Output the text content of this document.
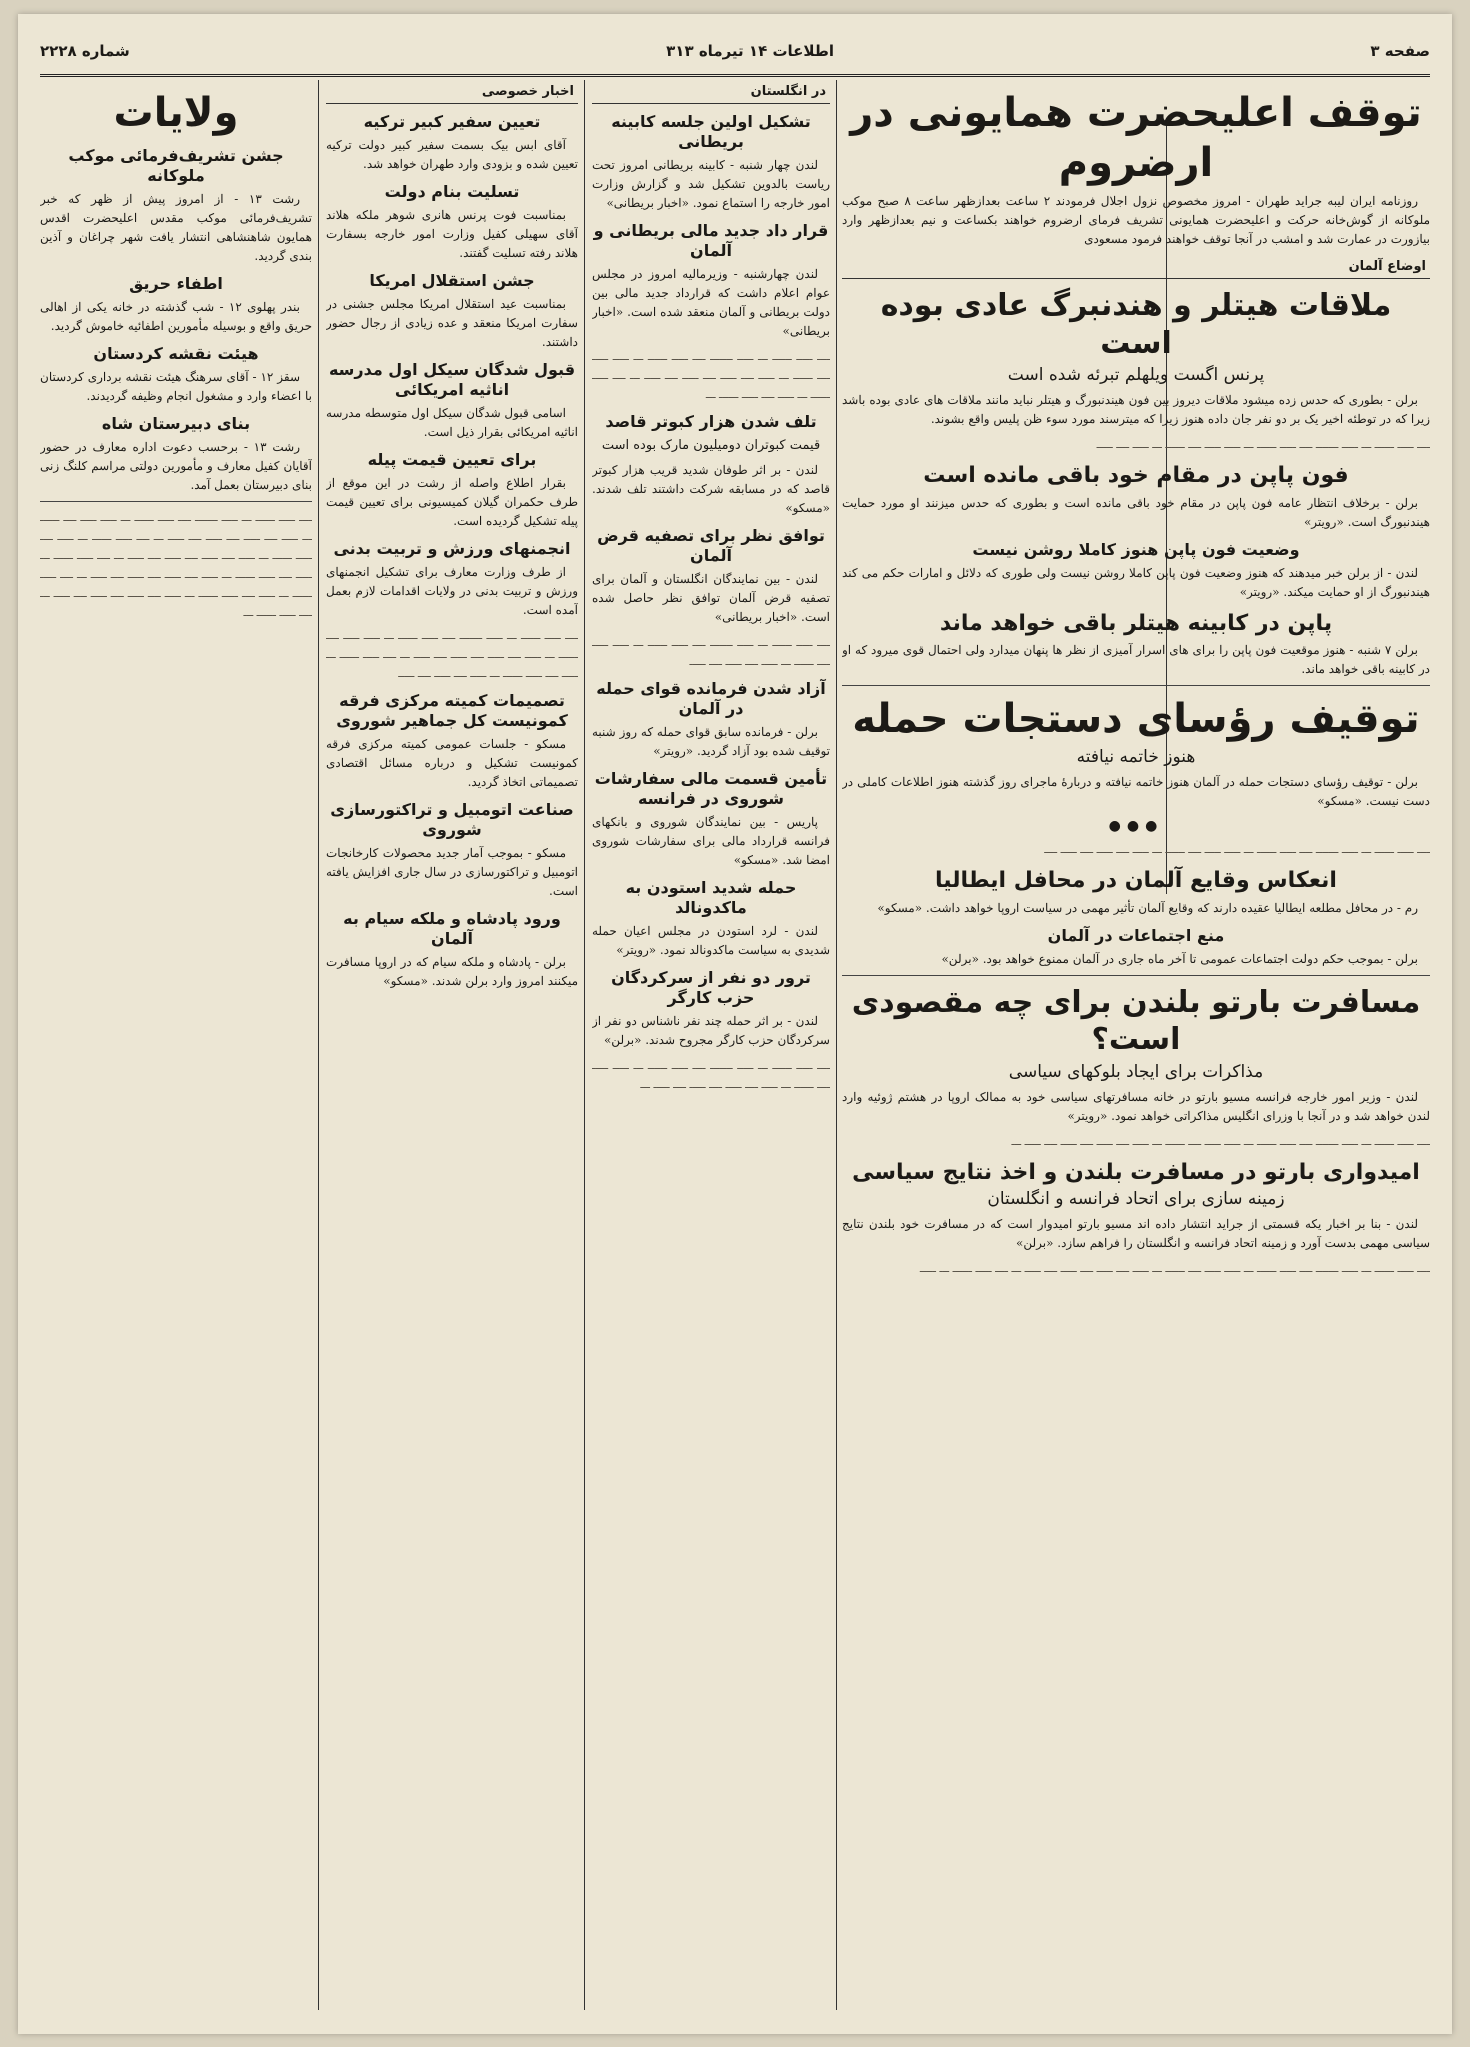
صفحه ۳
اطلاعات ۱۴ تیرماه ۳۱۳
شماره ۲۲۲۸
توقف اعلیحضرت همایونی در ارضروم

روزنامه ایران لیبه جراید طهران - امروز مخصوص نزول اجلال فرمودند ۲ ساعت بعدازظهر ساعت ۸ صبح موکب ملوکانه از گوش‌خانه حرکت و اعلیحضرت همایونی تشریف فرمای ارضروم خواهند بکساعت و نیم بعدازظهر وارد بیازورت در عمارت شد و امشب در آنجا توقف خواهند فرمود مسعودی

اوضاع آلمان
ملاقات هیتلر و هندنبرگ عادی بوده است
پرنس اگست ویلهلم تبرئه شده است

برلن - بطوری که حدس زده میشود ملاقات دیروز بین فون هیندنبورگ و هیتلر نباید مانند ملاقات های عادی بوده باشد زیرا که در توطئه اخیر یک بر دو نفر جان داده هنوز زیرا که میترسند مورد سوء ظن پلیس واقع بشوند.

ــــ ـــــ ــــــ ـــ ـــــ ـــــــ ــــ ـــــ ــــــ ـــ ـــــ ـــــ ــــ ــــــ ـــ ـــــ ــــ ـــــ
فون پاپن در مقام خود باقی مانده است

برلن - برخلاف انتظار عامه فون پاپن در مقام خود باقی مانده است و بطوری که حدس میزنند او مورد حمایت هیندنبورگ است. «رویتر»

وضعیت فون پاپن هنوز کاملا روشن نیست

لندن - از برلن خبر میدهند که هنوز وضعیت فون پاپن کاملا روشن نیست ولی طوری که دلائل و امارات حکم می کند هیندنبورگ از او حمایت میکند. «رویتر»

پاپن در کابینه هیتلر باقی خواهد ماند

برلن ۷ شنبه - هنوز موقعیت فون پاپن را برای های اسرار آمیزی از نظر ها پنهان میدارد ولی احتمال قوی میرود که او در کابینه باقی خواهد ماند.

توقیف رؤسای دستجات حمله
هنوز خاتمه نیافته

برلن - توقیف رؤسای دستجات حمله در آلمان هنوز خاتمه نیافته و دربارهٔ ماجرای روز گذشته هنوز اطلاعات کاملی در دست نیست. «مسکو»

●●●
ــــ ـــــ ــــــ ـــ ـــــ ـــــــ ــــ ـــــ ــــــ ـــ ـــــ ـــــ ــــ ــــــ ـــ ـــــ ــــ ـــــ ــــ ـــــ ــــ
انعکاس وقایع آلمان در محافل ایطالیا

رم - در محافل مطلعه ایطالیا عقیده دارند که وقایع آلمان تأثیر مهمی در سیاست اروپا خواهد داشت. «مسکو»

منع اجتماعات در آلمان

برلن - بموجب حکم دولت اجتماعات عمومی تا آخر ماه جاری در آلمان ممنوع خواهد بود. «برلن»

مسافرت بارتو بلندن برای چه مقصودی است؟
مذاکرات برای ایجاد بلوکهای سیاسی

لندن - وزیر امور خارجه فرانسه مسیو بارتو در خانه مسافرتهای سیاسی خود به ممالک اروپا در هشتم ژوئیه وارد لندن خواهد شد و در آنجا با وزرای انگلیس مذاکراتی خواهد نمود. «رویتر»

ــــ ـــــ ــــــ ـــ ـــــ ـــــــ ــــ ـــــ ــــــ ـــ ـــــ ـــــ ــــ ــــــ ـــ ـــــ ــــ ـــــ ــــ ـــــ ــــ ـــــ ـــ
امیدواری بارتو در مسافرت بلندن و اخذ نتایج سیاسی
زمینه سازی برای اتحاد فرانسه و انگلستان

لندن - بنا بر اخبار یکه قسمتی از جراید انتشار داده اند مسیو بارتو امیدوار است که در مسافرت خود بلندن نتایج سیاسی مهمی بدست آورد و زمینه اتحاد فرانسه و انگلستان را فراهم سازد. «برلن»

ــــ ـــــ ــــــ ـــ ـــــ ـــــــ ــــ ـــــ ــــــ ـــ ـــــ ـــــ ــــ ــــــ ـــ ـــــ ــــ ـــــ ــــ ـــــ ــــ ـــــ ـــ ــــ ـــــ ــــــ ـــ ـــــ
در انگلستان
تشکیل اولین جلسه کابینه بریطانی

لندن چهار شنبه - کابینه بریطانی امروز تحت ریاست بالدوین تشکیل شد و گزارش وزارت امور خارجه را استماع نمود. «اخبار بریطانی»

قرار داد جدید مالی بریطانی و آلمان

لندن چهارشنبه - وزیرمالیه امروز در مجلس عوام اعلام داشت که قرارداد جدید مالی بین دولت بریطانی و آلمان منعقد شده است. «اخبار بریطانی»

ــــ ـــــ ــــــ ـــ ـــــ ـــــــ ــــ ـــــ ــــــ ـــ ـــــ ـــــ ــــ ــــــ ـــ ـــــ ــــ ـــــ ــــ ـــــ ــــ ـــــ ـــ ــــ ـــــ ــــــ ـــ ـــــ ــــ ـــــ ــــــ ـــ
تلف شدن هزار کبوتر قاصد
قیمت کبوتران دومیلیون مارک بوده است

لندن - بر اثر طوفان شدید قریب هزار کبوتر قاصد که در مسابقه شرکت داشتند تلف شدند. «مسکو»

توافق نظر برای تصفیه قرض آلمان

لندن - بین نمایندگان انگلستان و آلمان برای تصفیه قرض آلمان توافق نظر حاصل شده است. «اخبار بریطانی»

ــــ ـــــ ــــــ ـــ ـــــ ـــــــ ــــ ـــــ ــــــ ـــ ـــــ ـــــ ــــ ــــــ ـــ ـــــ ــــ ـــــ ــــ ـــــ
آزاد شدن فرمانده قوای حمله در آلمان

برلن - فرمانده سابق قوای حمله که روز شنبه توقیف شده بود آزاد گردید. «رویتر»

تأمین قسمت مالی سفارشات شوروی در فرانسه

پاریس - بین نمایندگان شوروی و بانکهای فرانسه قرارداد مالی برای سفارشات شوروی امضا شد. «مسکو»

حمله شدید استودن به ماکدونالد

لندن - لرد استودن در مجلس اعیان حمله شدیدی به سیاست ماکدونالد نمود. «رویتر»

ترور دو نفر از سرکردگان حزب کارگر

لندن - بر اثر حمله چند نفر ناشناس دو نفر از سرکردگان حزب کارگر مجروح شدند. «برلن»

ــــ ـــــ ــــــ ـــ ـــــ ـــــــ ــــ ـــــ ــــــ ـــ ـــــ ـــــ ــــ ــــــ ـــ ـــــ ــــ ـــــ ــــ ـــــ ــــ ـــــ ـــ
اخبار خصوصی
تعیین سفیر کبیر ترکیه

آقای ابس بیک بسمت سفیر کبیر دولت ترکیه تعیین شده و بزودی وارد طهران خواهد شد.

تسلیت بنام دولت

بمناسبت فوت پرنس هانری شوهر ملکه هلاند آقای سهیلی کفیل وزارت امور خارجه بسفارت هلاند رفته تسلیت گفتند.

جشن استقلال امریکا

بمناسبت عید استقلال امریکا مجلس جشنی در سفارت امریکا منعقد و عده زیادی از رجال حضور داشتند.

قبول شدگان سیکل اول مدرسه اناثیه امریکائی

اسامی قبول شدگان سیکل اول متوسطه مدرسه اناثیه امریکائی بقرار ذیل است.

برای تعیین قیمت پیله

بقرار اطلاع واصله از رشت در این موقع از طرف حکمران گیلان کمیسیونی برای تعیین قیمت پیله تشکیل گردیده است.

انجمنهای ورزش و تربیت بدنی

از طرف وزارت معارف برای تشکیل انجمنهای ورزش و تربیت بدنی در ولایات اقدامات لازم بعمل آمده است.

ــــ ـــــ ــــــ ـــ ـــــ ـــــــ ــــ ـــــ ــــــ ـــ ـــــ ـــــ ــــ ــــــ ـــ ـــــ ــــ ـــــ ــــ ـــــ ــــ ـــــ ـــ ــــ ـــــ ــــــ ـــ ـــــ ــــ ـــــ ــــــ ـــ ـــــ ــــ ـــــ ــــ ـــــ
تصمیمات کمیته مرکزی فرقه کمونیست کل جماهیر شوروی

مسکو - جلسات عمومی کمیته مرکزی فرقه کمونیست تشکیل و درباره مسائل اقتصادی تصمیماتی اتخاذ گردید.

صناعت اتومبیل و تراکتورسازی شوروی

مسکو - بموجب آمار جدید محصولات کارخانجات اتومبیل و تراکتورسازی در سال جاری افزایش یافته است.

ورود پادشاه و ملکه سیام به آلمان

برلن - پادشاه و ملکه سیام که در اروپا مسافرت میکنند امروز وارد برلن شدند. «مسکو»

ولایات
جشن تشریف‌فرمائی موکب ملوکانه

رشت ۱۳ - از امروز پیش از ظهر که خبر تشریف‌فرمائی موکب مقدس اعلیحضرت اقدس همایون شاهنشاهی انتشار یافت شهر چراغان و آذین بندی گردید.

اطفاء حریق

بندر پهلوی ۱۲ - شب گذشته در خانه یکی از اهالی حریق واقع و بوسیله مأمورین اطفائیه خاموش گردید.

هیئت نقشه کردستان

سقز ۱۲ - آقای سرهنگ هیئت نقشه برداری کردستان با اعضاء وارد و مشغول انجام وظیفه گردیدند.

بنای دبیرستان شاه

رشت ۱۳ - برحسب دعوت اداره معارف در حضور آقایان کفیل معارف و مأمورین دولتی مراسم کلنگ زنی بنای دبیرستان بعمل آمد.

ــــ ـــــ ــــــ ـــ ـــــ ـــــــ ــــ ـــــ ــــــ ـــ ـــــ ـــــ ــــ ــــــ ـــ ـــــ ــــ ـــــ ــــ ـــــ ــــ ـــــ ـــ ــــ ـــــ ــــــ ـــ ـــــ ــــ ـــــ ــــــ ـــ ـــــ ــــ ـــــ ــــ ـــــ ــــ ـــــ ـــ ــــ ـــــ ــــــ ـــ ـــــ ــــ ـــــ ــــــ ـــ ـــــ ــــ ـــــ ــــ ـــــ ــــ ـــــ ـــ ــــ ـــــ ــــــ ـــ ـــــ ــــ ـــــ ــــــ ـــ ـــــ ــــ ـــــ ــــ ـــــ ــــ ـــــ ـــ ــــ ـــــ ــــــ ـــ
